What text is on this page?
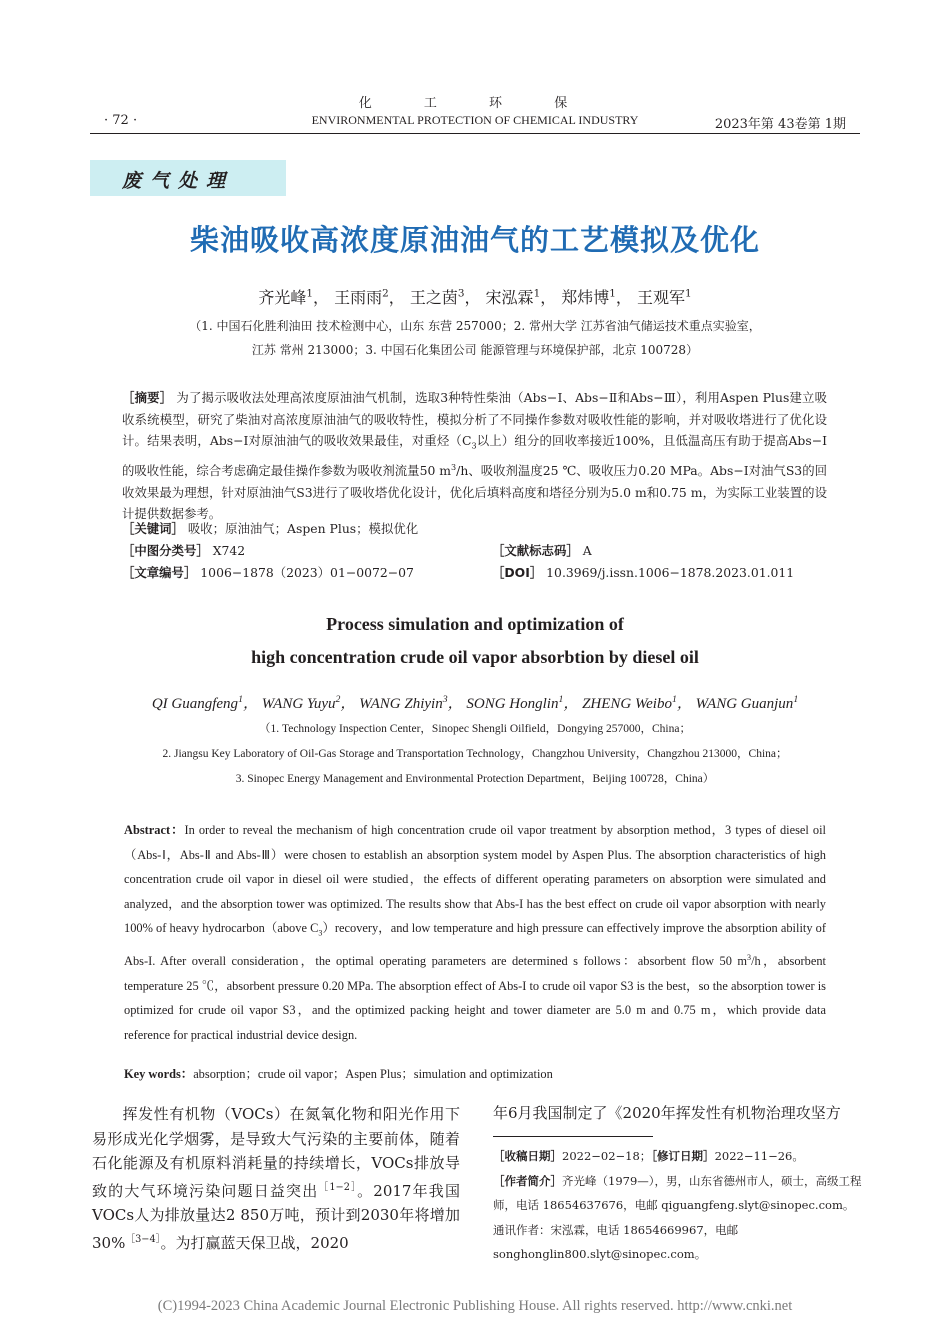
化 工 环 保
· 72 ·	ENVIRONMENTAL PROTECTION OF CHEMICAL INDUSTRY	2023年第 43卷第 1期
废气处理
柴油吸收高浓度原油油气的工艺模拟及优化
齐光峰$^1$， 王雨雨$^2$， 王之茵$^3$， 宋泓霖$^1$， 郑炜博$^1$， 王观军$^1$
（1. 中国石化胜利油田 技术检测中心，山东 东营 257000；2. 常州大学 江苏省油气储运技术重点实验室，
江苏 常州 213000；3. 中国石化集团公司 能源管理与环境保护部，北京 100728）
［摘要］ 为了揭示吸收法处理高浓度原油油气机制，选取3种特性柴油（Abs−Ⅰ、Abs−Ⅱ和Abs−Ⅲ），利用Aspen Plus建立吸收系统模型，研究了柴油对高浓度原油油气的吸收特性，模拟分析了不同操作参数对吸收性能的影响，并对吸收塔进行了优化设计。结果表明，Abs−I对原油油气的吸收效果最佳，对重烃（$C_3$以上）组分的回收率接近100%，且低温高压有助于提高Abs−I的吸收性能，综合考虑确定最佳操作参数为吸收剂流量50 $m^3/h$、吸收剂温度25 ℃、吸收压力0.20 MPa。Abs−I对油气S3的回收效果最为理想，针对原油油气S3进行了吸收塔优化设计，优化后填料高度和塔径分别为5.0 m和0.75 m，为实际工业装置的设计提供数据参考。
［关键词］ 吸收；原油油气；Aspen Plus；模拟优化
［中图分类号］ X742	［文献标志码］ A
［文章编号］ 1006−1878（2023）01−0072−07	［DOI］ 10.3969/j.issn.1006−1878.2023.01.011
Process simulation and optimization of
high concentration crude oil vapor absorbtion by diesel oil
QI Guangfeng$^1$， WANG Yuyu$^2$， WANG Zhiyin$^3$， SONG Honglin$^1$， ZHENG Weibo$^1$， WANG Guanjun$^1$
（1. Technology Inspection Center，Sinopec Shengli Oilfield，Dongying 257000，China；
2. Jiangsu Key Laboratory of Oil-Gas Storage and Transportation Technology，Changzhou University，Changzhou 213000，China；
3. Sinopec Energy Management and Environmental Protection Department，Beijing 100728，China）
Abstract：In order to reveal the mechanism of high concentration crude oil vapor treatment by absorption method，3 types of diesel oil（Abs-Ⅰ，Abs-Ⅱ and Abs-Ⅲ）were chosen to establish an absorption system model by Aspen Plus. The absorption characteristics of high concentration crude oil vapor in diesel oil were studied，the effects of different operating parameters on absorption were simulated and analyzed，and the absorption tower was optimized. The results show that Abs-I has the best effect on crude oil vapor absorption with nearly 100% of heavy hydrocarbon（above $C_3)recovery$，and low temperature and high pressure can effectively improve the absorption ability of Abs-I. After overall consideration，the optimal operating parameters are determined s follows：absorbent flow 50 $m^3/h$，absorbent temperature 25 ℃，absorbent pressure 0.20 MPa. The absorption effect of Abs-I to crude oil vapor S3 is the best，so the absorption tower is optimized for crude oil vapor S3，and the optimized packing height and tower diameter are 5.0 m and 0.75 m，which provide data reference for practical industrial device design.
Key words：absorption；crude oil vapor；Aspen Plus；simulation and optimization
  挥发性有机物（VOCs）在氮氧化物和阳光作用下易形成光化学烟雾，是导致大气污染的主要前体，随着石化能源及有机原料消耗量的持续增长，VOCs排放导致的大气环境污染问题日益突出$^{[1-2]}$。2017年我国VOCs人为排放量达2 850万吨，预计到2030年将增加30%$^{[3-4]}$。为打赢蓝天保卫战，2020
年6月我国制定了《2020年挥发性有机物治理攻坚方
［收稿日期］2022−02−18；［修订日期］2022−11−26。
［作者简介］齐光峰（1979—），男，山东省德州市人，硕士，高级工程师，电话 18654637676，电邮 qiguangfeng.slyt@sinopec.com。
通讯作者：宋泓霖，电话 18654669967，电邮 songhonglin800.slyt@sinopec.com。
(C)1994-2023 China Academic Journal Electronic Publishing House. All rights reserved. http://www.cnki.net
